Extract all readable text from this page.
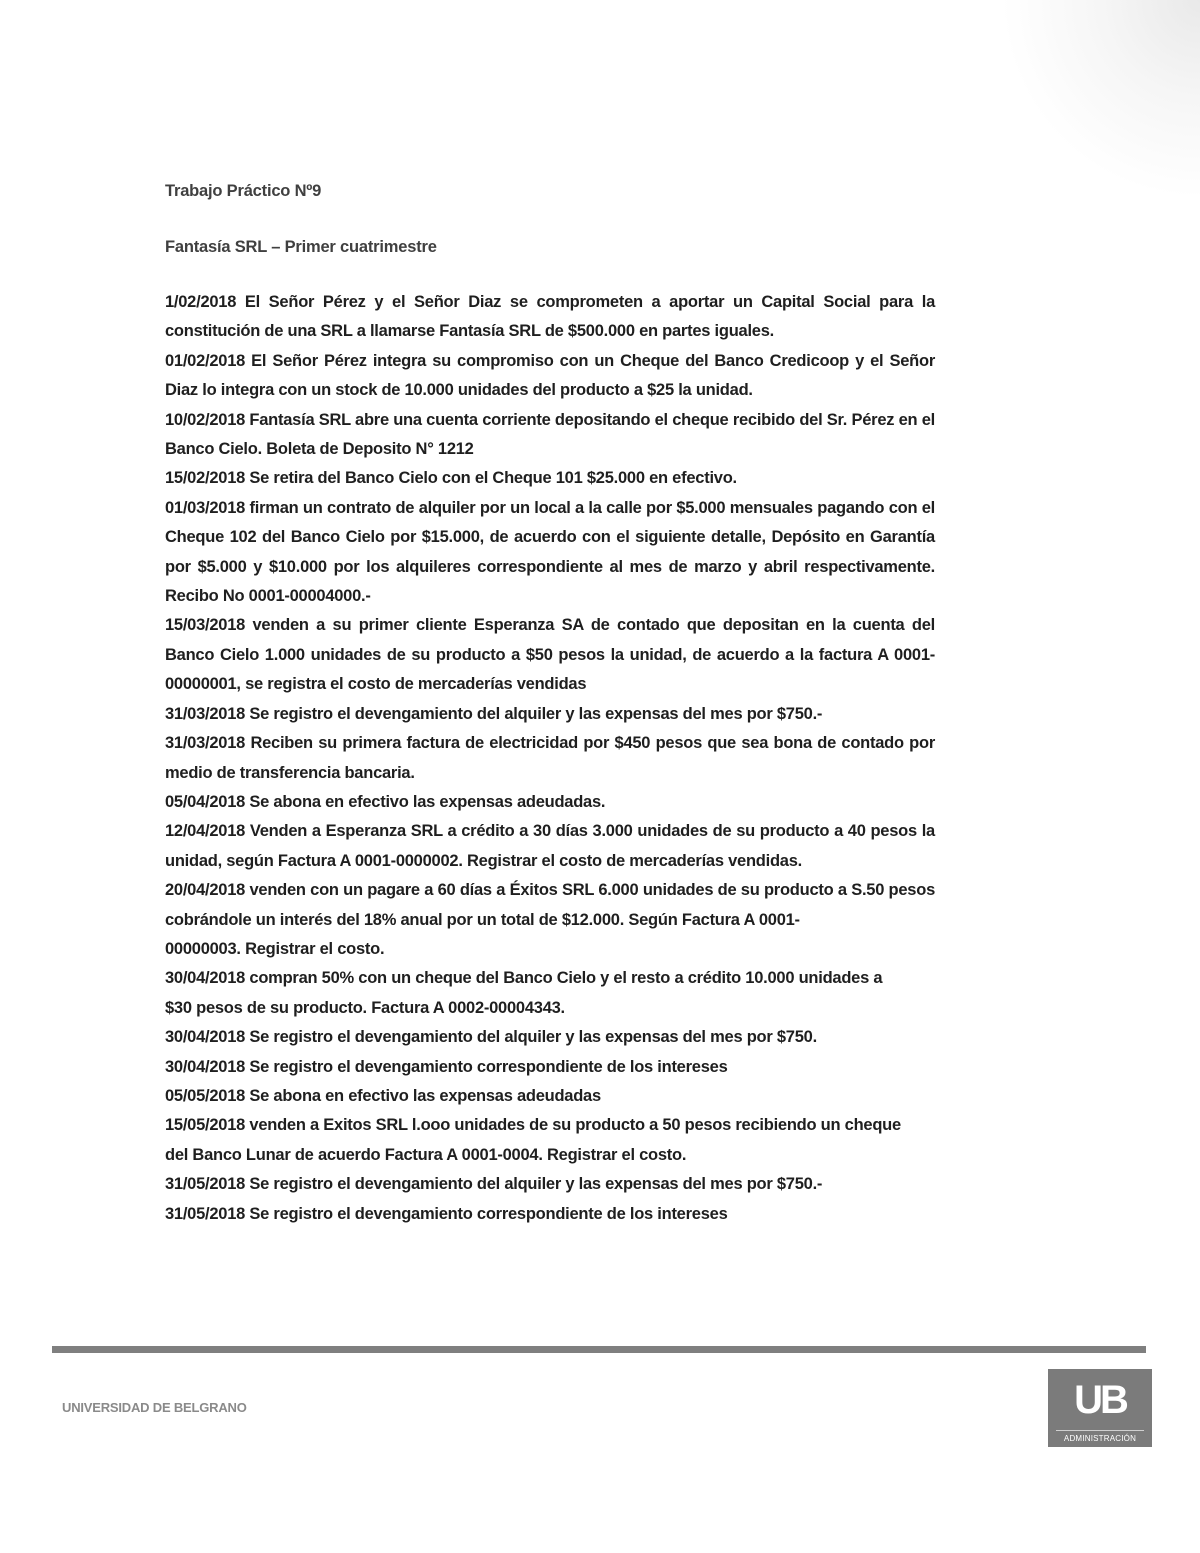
Trabajo Práctico Nº9
Fantasía SRL – Primer cuatrimestre

1/02/2018 El Señor Pérez y el Señor Diaz se comprometen a aportar un Capital Social para la constitución de una SRL a llamarse Fantasía SRL de $500.000 en partes iguales.

01/02/2018 El Señor Pérez integra su compromiso con un Cheque del Banco Credicoop y el Señor Diaz lo integra con un stock de 10.000 unidades del producto a $25 la unidad.

10/02/2018 Fantasía SRL abre una cuenta corriente depositando el cheque recibido del Sr. Pérez en el Banco Cielo. Boleta de Deposito N° 1212

15/02/2018 Se retira del Banco Cielo con el Cheque 101 $25.000 en efectivo.

01/03/2018 firman un contrato de alquiler por un local a la calle por $5.000 mensuales pagando con el Cheque 102 del Banco Cielo por $15.000, de acuerdo con el siguiente detalle, Depósito en Garantía por $5.000 y $10.000 por los alquileres correspondiente al mes de marzo y abril respectivamente. Recibo No 0001-00004000.-

15/03/2018 venden a su primer cliente Esperanza SA de contado que depositan en la cuenta del Banco Cielo 1.000 unidades de su producto a $50 pesos la unidad, de acuerdo a la factura A 0001-00000001, se registra el costo de mercaderías vendidas

31/03/2018 Se registro el devengamiento del alquiler y las expensas del mes por $750.-

31/03/2018 Reciben su primera factura de electricidad por $450 pesos que sea bona de contado por medio de transferencia bancaria.

05/04/2018 Se abona en efectivo las expensas adeudadas.

12/04/2018 Venden a Esperanza SRL a crédito a 30 días 3.000 unidades de su producto a 40 pesos la unidad, según Factura A 0001-0000002. Registrar el costo de mercaderías vendidas.

20/04/2018 venden con un pagare a 60 días a Éxitos SRL 6.000 unidades de su producto a S.50 pesos cobrándole un interés del 18% anual por un total de $12.000. Según Factura A 0001-

00000003. Registrar el costo.

30/04/2018 compran 50% con un cheque del Banco Cielo y el resto a crédito 10.000 unidades a

$30 pesos de su producto. Factura A 0002-00004343.

30/04/2018 Se registro el devengamiento del alquiler y las expensas del mes por $750.

30/04/2018 Se registro el devengamiento correspondiente de los intereses

05/05/2018 Se abona en efectivo las expensas adeudadas

15/05/2018 venden a Exitos SRL l.ooo unidades de su producto a 50 pesos recibiendo un cheque

del Banco Lunar de acuerdo Factura A 0001-0004. Registrar el costo.

31/05/2018 Se registro el devengamiento del alquiler y las expensas del mes por $750.-

31/05/2018 Se registro el devengamiento correspondiente de los intereses

UNIVERSIDAD DE BELGRANO	UB
ADMINISTRACIÓN
